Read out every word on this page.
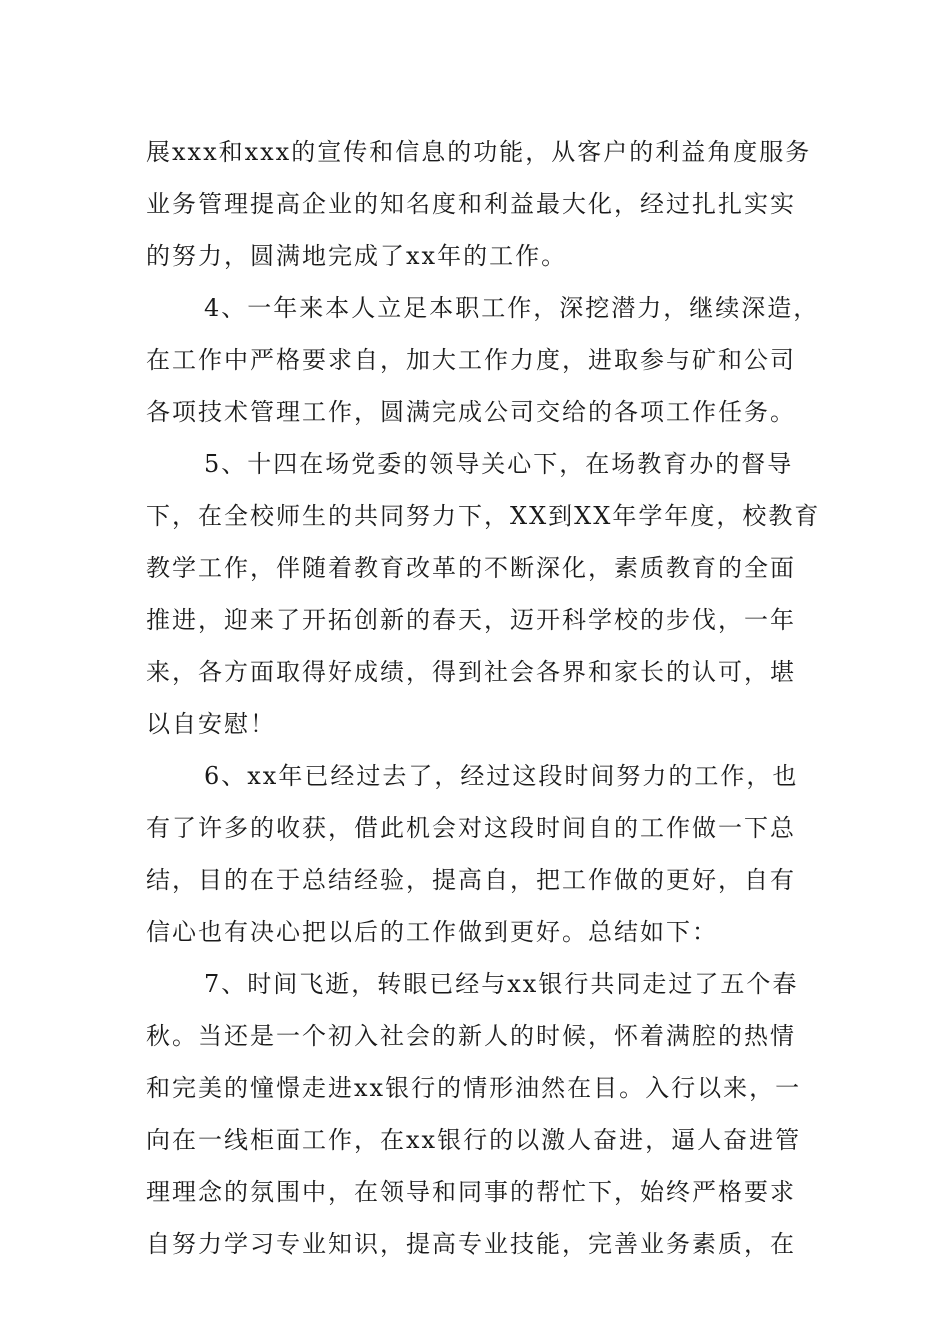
展xxx和xxx的宣传和信息的功能，从客户的利益角度服务
业务管理提高企业的知名度和利益最大化，经过扎扎实实
的努力，圆满地完成了xx年的工作。
4、一年来本人立足本职工作，深挖潜力，继续深造，
在工作中严格要求自，加大工作力度，进取参与矿和公司
各项技术管理工作，圆满完成公司交给的各项工作任务。
5、十四在场党委的领导关心下，在场教育办的督导
下，在全校师生的共同努力下，XX到XX年学年度，校教育
教学工作，伴随着教育改革的不断深化，素质教育的全面
推进，迎来了开拓创新的春天，迈开科学校的步伐，一年
来，各方面取得好成绩，得到社会各界和家长的认可，堪
以自安慰！
6、xx年已经过去了，经过这段时间努力的工作，也
有了许多的收获，借此机会对这段时间自的工作做一下总
结，目的在于总结经验，提高自，把工作做的更好，自有
信心也有决心把以后的工作做到更好。总结如下：
7、时间飞逝，转眼已经与xx银行共同走过了五个春
秋。当还是一个初入社会的新人的时候，怀着满腔的热情
和完美的憧憬走进xx银行的情形油然在目。入行以来，一
向在一线柜面工作，在xx银行的以激人奋进，逼人奋进管
理理念的氛围中，在领导和同事的帮忙下，始终严格要求
自努力学习专业知识，提高专业技能，完善业务素质，在
